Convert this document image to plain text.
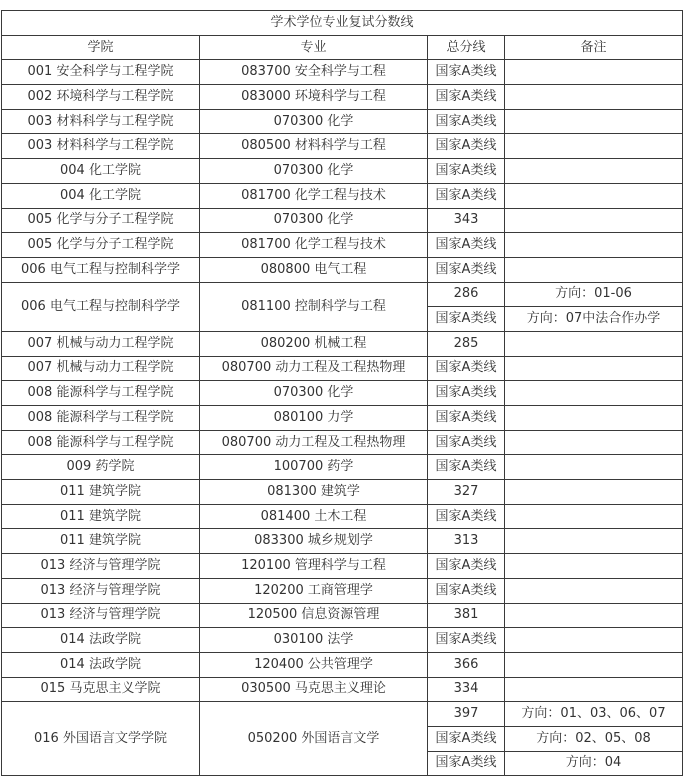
学术学位专业复试分数线			
学院	专业	总分线	备注
001 安全科学与工程学院	083700 安全科学与工程	国家A类线	
002 环境科学与工程学院	083000 环境科学与工程	国家A类线	
003 材料科学与工程学院	070300 化学	国家A类线	
003 材料科学与工程学院	080500 材料科学与工程	国家A类线	
004 化工学院	070300 化学	国家A类线	
004 化工学院	081700 化学工程与技术	国家A类线	
005 化学与分子工程学院	070300 化学	343	
005 化学与分子工程学院	081700 化学工程与技术	国家A类线	
006 电气工程与控制科学学	080800 电气工程	国家A类线	
006 电气工程与控制科学学	081100 控制科学与工程	286	方向：01-06
		国家A类线	方向：07中法合作办学
007 机械与动力工程学院	080200 机械工程	285	
007 机械与动力工程学院	080700 动力工程及工程热物理	国家A类线	
008 能源科学与工程学院	070300 化学	国家A类线	
008 能源科学与工程学院	080100 力学	国家A类线	
008 能源科学与工程学院	080700 动力工程及工程热物理	国家A类线	
009 药学院	100700 药学	国家A类线	
011 建筑学院	081300 建筑学	327	
011 建筑学院	081400 土木工程	国家A类线	
011 建筑学院	083300 城乡规划学	313	
013 经济与管理学院	120100 管理科学与工程	国家A类线	
013 经济与管理学院	120200 工商管理学	国家A类线	
013 经济与管理学院	120500 信息资源管理	381	
014 法政学院	030100 法学	国家A类线	
014 法政学院	120400 公共管理学	366	
015 马克思主义学院	030500 马克思主义理论	334	
016 外国语言文学学院	050200 外国语言文学	397	方向：01、03、06、07
		国家A类线	方向：02、05、08
		国家A类线	方向：04
